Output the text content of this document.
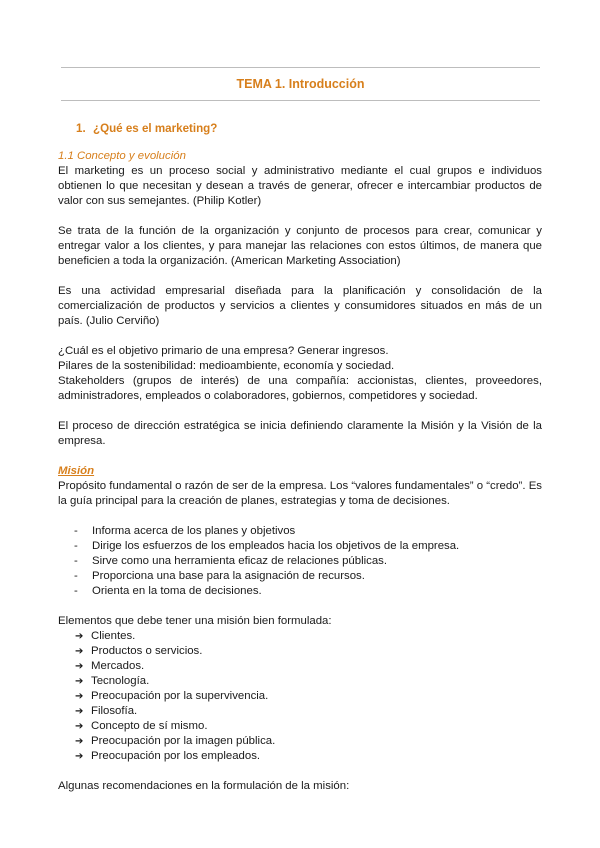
TEMA 1. Introducción
1. ¿Qué es el marketing?

1.1 Concepto y evolución

El marketing es un proceso social y administrativo mediante el cual grupos e individuos obtienen lo que necesitan y desean a través de generar, ofrecer e intercambiar productos de valor con sus semejantes. (Philip Kotler)

Se trata de la función de la organización y conjunto de procesos para crear, comunicar y entregar valor a los clientes, y para manejar las relaciones con estos últimos, de manera que beneficien a toda la organización. (American Marketing Association)

Es una actividad empresarial diseñada para la planificación y consolidación de la comercialización de productos y servicios a clientes y consumidores situados en más de un país. (Julio Cerviño)

¿Cuál es el objetivo primario de una empresa? Generar ingresos.

Pilares de la sostenibilidad: medioambiente, economía y sociedad.

Stakeholders (grupos de interés) de una compañía: accionistas, clientes, proveedores, administradores, empleados o colaboradores, gobiernos, competidores y sociedad.

El proceso de dirección estratégica se inicia definiendo claramente la Misión y la Visión de la empresa.

Misión

Propósito fundamental o razón de ser de la empresa. Los “valores fundamentales” o “credo”. Es la guía principal para la creación de planes, estrategias y toma de decisiones.

- Informa acerca de los planes y objetivos
- Dirige los esfuerzos de los empleados hacia los objetivos de la empresa.
- Sirve como una herramienta eficaz de relaciones públicas.
- Proporciona una base para la asignación de recursos.
- Orienta en la toma de decisiones.

Elementos que debe tener una misión bien formulada:

➔ Clientes.
➔ Productos o servicios.
➔ Mercados.
➔ Tecnología.
➔ Preocupación por la supervivencia.
➔ Filosofía.
➔ Concepto de sí mismo.
➔ Preocupación por la imagen pública.
➔ Preocupación por los empleados.

Algunas recomendaciones en la formulación de la misión:
